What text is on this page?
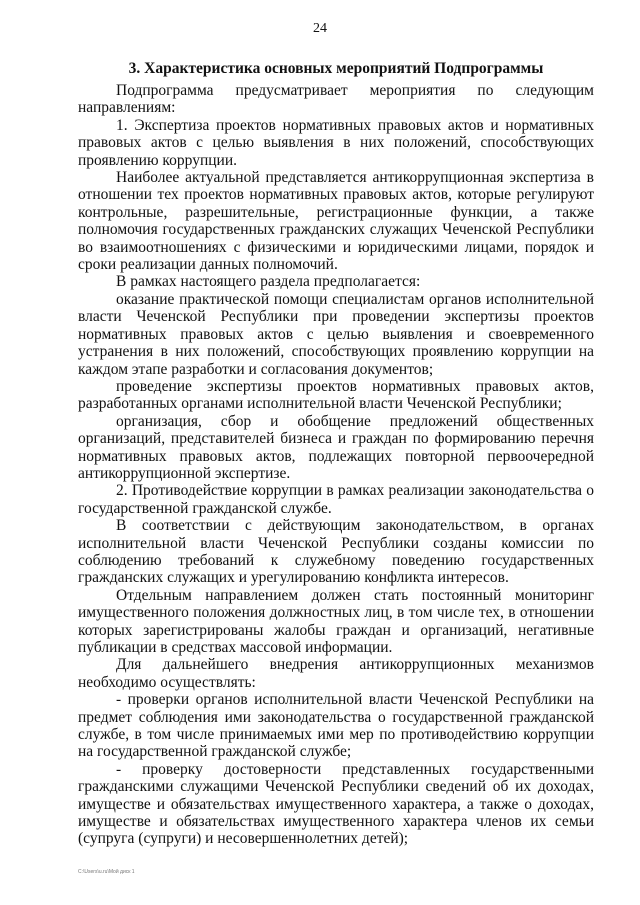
24
3. Характеристика основных мероприятий Подпрограммы

Подпрограмма предусматривает мероприятия по следующим направлениям:

1. Экспертиза проектов нормативных правовых актов и нормативных правовых актов с целью выявления в них положений, способствующих проявлению коррупции.

Наиболее актуальной представляется антикоррупционная экспертиза в отношении тех проектов нормативных правовых актов, которые регулируют контрольные, разрешительные, регистрационные функции, а также полномочия государственных гражданских служащих Чеченской Республики во взаимоотношениях с физическими и юридическими лицами, порядок и сроки реализации данных полномочий.

В рамках настоящего раздела предполагается:

оказание практической помощи специалистам органов исполнительной власти Чеченской Республики при проведении экспертизы проектов нормативных правовых актов с целью выявления и своевременного устранения в них положений, способствующих проявлению коррупции на каждом этапе разработки и согласования документов;

проведение экспертизы проектов нормативных правовых актов, разработанных органами исполнительной власти Чеченской Республики;

организация, сбор и обобщение предложений общественных организаций, представителей бизнеса и граждан по формированию перечня нормативных правовых актов, подлежащих повторной первоочередной антикоррупционной экспертизе.

2. Противодействие коррупции в рамках реализации законодательства о государственной гражданской службе.

В соответствии с действующим законодательством, в органах исполнительной власти Чеченской Республики созданы комиссии по соблюдению требований к служебному поведению государственных гражданских служащих и урегулированию конфликта интересов.

Отдельным направлением должен стать постоянный мониторинг имущественного положения должностных лиц, в том числе тех, в отношении которых зарегистрированы жалобы граждан и организаций, негативные публикации в средствах массовой информации.

Для дальнейшего внедрения антикоррупционных механизмов необходимо осуществлять:

- проверки органов исполнительной власти Чеченской Республики на предмет соблюдения ими законодательства о государственной гражданской службе, в том числе принимаемых ими мер по противодействию коррупции на государственной гражданской службе;

- проверку достоверности представленных государственными гражданскими служащими Чеченской Республики сведений об их доходах, имуществе и обязательствах имущественного характера, а также о доходах, имуществе и обязательствах имущественного характера членов их семьи (супруга (супруги) и несовершеннолетних детей);

C:\Users\u.ru\Мой диск 1
